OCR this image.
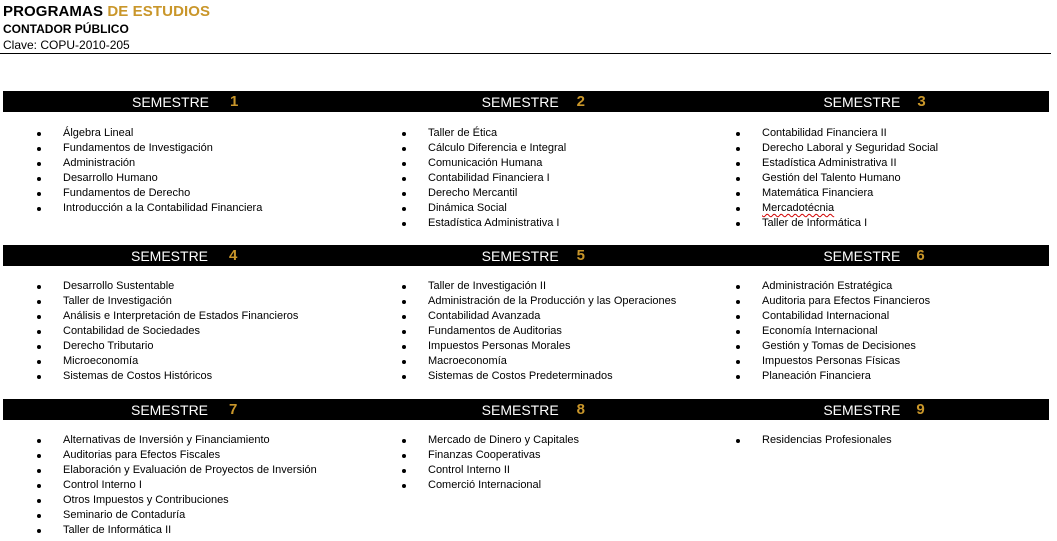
PROGRAMAS DE ESTUDIOS
CONTADOR PÚBLICO
Clave: COPU-2010-205
SEMESTRE 1	SEMESTRE 2	SEMESTRE 3
Álgebra Lineal
Fundamentos de Investigación
Administración
Desarrollo Humano
Fundamentos de Derecho
Introducción a la Contabilidad Financiera
Taller de Ética
Cálculo Diferencia e Integral
Comunicación Humana
Contabilidad Financiera I
Derecho Mercantil
Dinámica Social
Estadística Administrativa I
Contabilidad Financiera II
Derecho Laboral y Seguridad Social
Estadística Administrativa II
Gestión del Talento Humano
Matemática Financiera
Mercadotécnia
Taller de Informática I
SEMESTRE 4	SEMESTRE 5	SEMESTRE 6
Desarrollo Sustentable
Taller de Investigación
Análisis e Interpretación de Estados Financieros
Contabilidad de Sociedades
Derecho Tributario
Microeconomía
Sistemas de Costos Históricos
Taller de Investigación II
Administración de la Producción y las Operaciones
Contabilidad Avanzada
Fundamentos de Auditorias
Impuestos Personas Morales
Macroeconomía
Sistemas de Costos Predeterminados
Administración Estratégica
Auditoria para Efectos Financieros
Contabilidad Internacional
Economía Internacional
Gestión y Tomas de Decisiones
Impuestos Personas Físicas
Planeación Financiera
SEMESTRE 7	SEMESTRE 8	SEMESTRE 9
Alternativas de Inversión y Financiamiento
Auditorias para Efectos Fiscales
Elaboración y Evaluación de Proyectos de Inversión
Control Interno I
Otros Impuestos y Contribuciones
Seminario de Contaduría
Taller de Informática II
Mercado de Dinero y Capitales
Finanzas Cooperativas
Control Interno II
Comerció Internacional
Residencias Profesionales
